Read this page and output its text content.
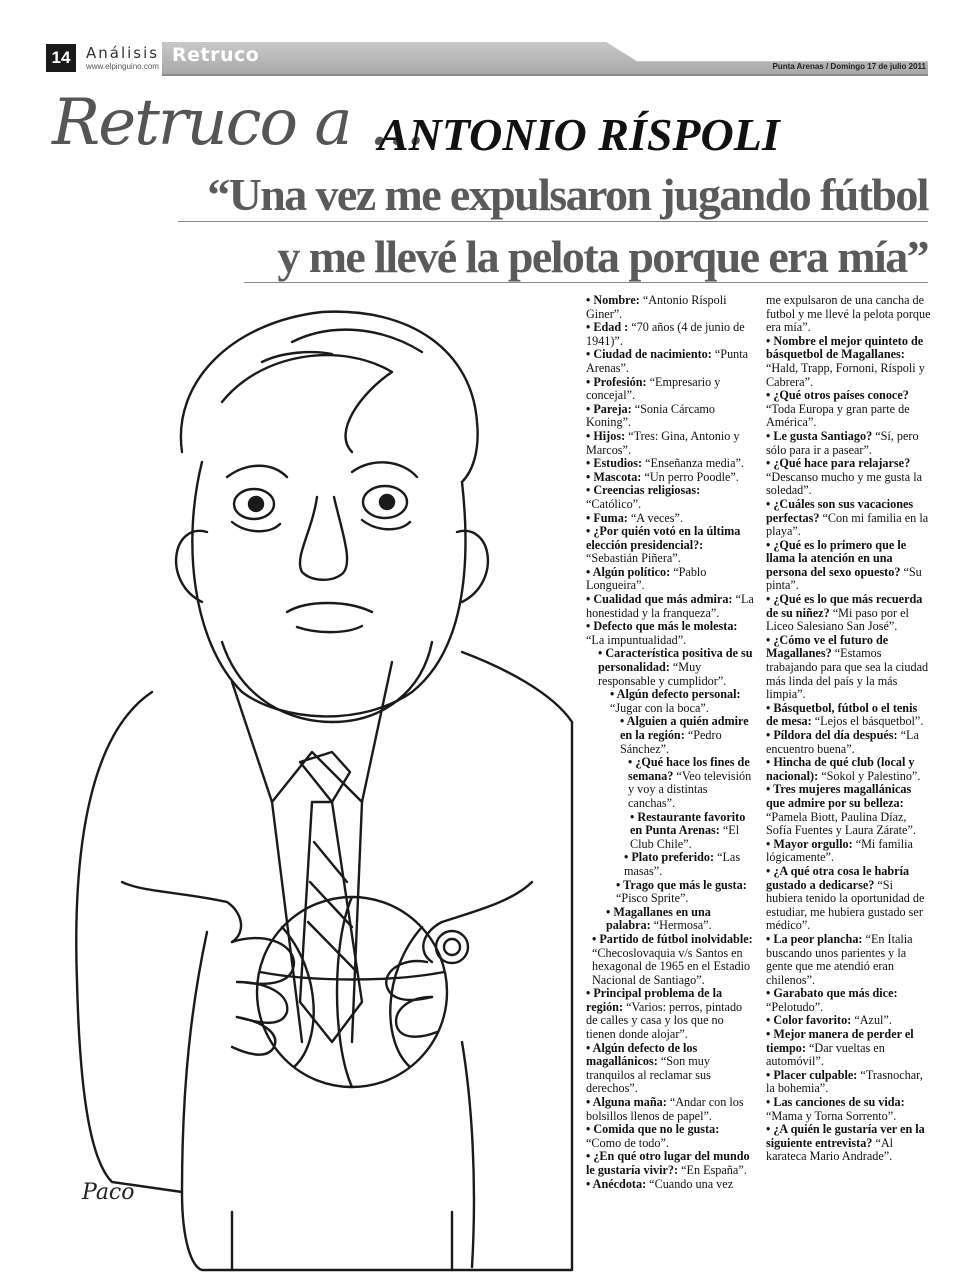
14	Análisis
www.elpinguino.com
Retruco
Punta Arenas / Domingo 17 de julio 2011
Retruco a ...
ANTONIO RÍSPOLI
“Una vez me expulsaron jugando fútbol
y me llevé la pelota porque era mía”
Paco

• Nombre: “Antonio Ríspoli Giner”.

• Edad : “70 años (4 de junio de 1941)”.

• Ciudad de nacimiento: “Punta Arenas”.

• Profesión: “Empresario y concejal”.

• Pareja: “Sonia Cárcamo Koning”.

• Hijos: “Tres: Gina, Antonio y Marcos”.

• Estudios: “Enseñanza media”.

• Mascota: “Un perro Poodle”.

• Creencias religiosas: “Católico”.

• Fuma: “A veces”.

• ¿Por quién votó en la última elección presidencial?: “Sebastián Piñera”.

• Algún político: “Pablo Longueira”.

• Cualidad que más admira: “La honestidad y la franqueza”.

• Defecto que más le molesta: “La impuntualidad”.

• Característica positiva de su personalidad: “Muy responsable y cumplidor”.

• Algún defecto personal: “Jugar con la boca”.

• Alguien a quién admire en la región: “Pedro Sánchez”.

• ¿Qué hace los fines de semana? “Veo televisión y voy a distintas canchas”.

• Restaurante favorito en Punta Arenas: “El Club Chile”.

• Plato preferido: “Las masas”.

• Trago que más le gusta: “Pisco Sprite”.

• Magallanes en una palabra: “Hermosa”.

• Partido de fútbol inolvidable: “Checoslovaquia v/s Santos en hexagonal de 1965 en el Estadio Nacional de Santiago”.

• Principal problema de la región: “Varios: perros, pintado de calles y casa y los que no tienen donde alojar”.

• Algún defecto de los magallánicos: “Son muy tranquilos al reclamar sus derechos”.

• Alguna maña: “Andar con los bolsillos llenos de papel”.

• Comida que no le gusta: “Como de todo”.

• ¿En qué otro lugar del mundo le gustaría vivir?: “En España”.

• Anécdota: “Cuando una vez

me expulsaron de una cancha de futbol y me llevé la pelota porque era mía”.

• Nombre el mejor quinteto de básquetbol de Magallanes: “Hald, Trapp, Fornoni, Ríspoli y Cabrera”.

• ¿Qué otros países conoce? “Toda Europa y gran parte de América”.

• Le gusta Santiago? “Sí, pero sólo para ir a pasear”.

• ¿Qué hace para relajarse? “Descanso mucho y me gusta la soledad”.

• ¿Cuáles son sus vacaciones perfectas? “Con mi familia en la playa”.

• ¿Qué es lo primero que le llama la atención en una persona del sexo opuesto? “Su pinta”.

• ¿Qué es lo que más recuerda de su niñez? “Mi paso por el Liceo Salesiano San José”.

• ¿Cómo ve el futuro de Magallanes? “Estamos trabajando para que sea la ciudad más linda del país y la más limpia”.

• Básquetbol, fútbol o el tenis de mesa: “Lejos el básquetbol”.

• Píldora del día después: “La encuentro buena”.

• Hincha de qué club (local y nacional): “Sokol y Palestino”.

• Tres mujeres magallánicas que admire por su belleza: “Pamela Biott, Paulina Díaz, Sofía Fuentes y Laura Zárate”.

• Mayor orgullo: “Mi familia lógicamente”.

• ¿A qué otra cosa le habría gustado a dedicarse? “Si hubiera tenido la oportunidad de estudiar, me hubiera gustado ser médico”.

• La peor plancha: “En Italia buscando unos parientes y la gente que me atendió eran chilenos”.

• Garabato que más dice: “Pelotudo”.

• Color favorito: “Azul”.

• Mejor manera de perder el tiempo: “Dar vueltas en automóvil”.

• Placer culpable: “Trasnochar, la bohemia”.

• Las canciones de su vida: “Mama y Torna Sorrento”.

• ¿A quién le gustaría ver en la siguiente entrevista? “Al karateca Mario Andrade”.
